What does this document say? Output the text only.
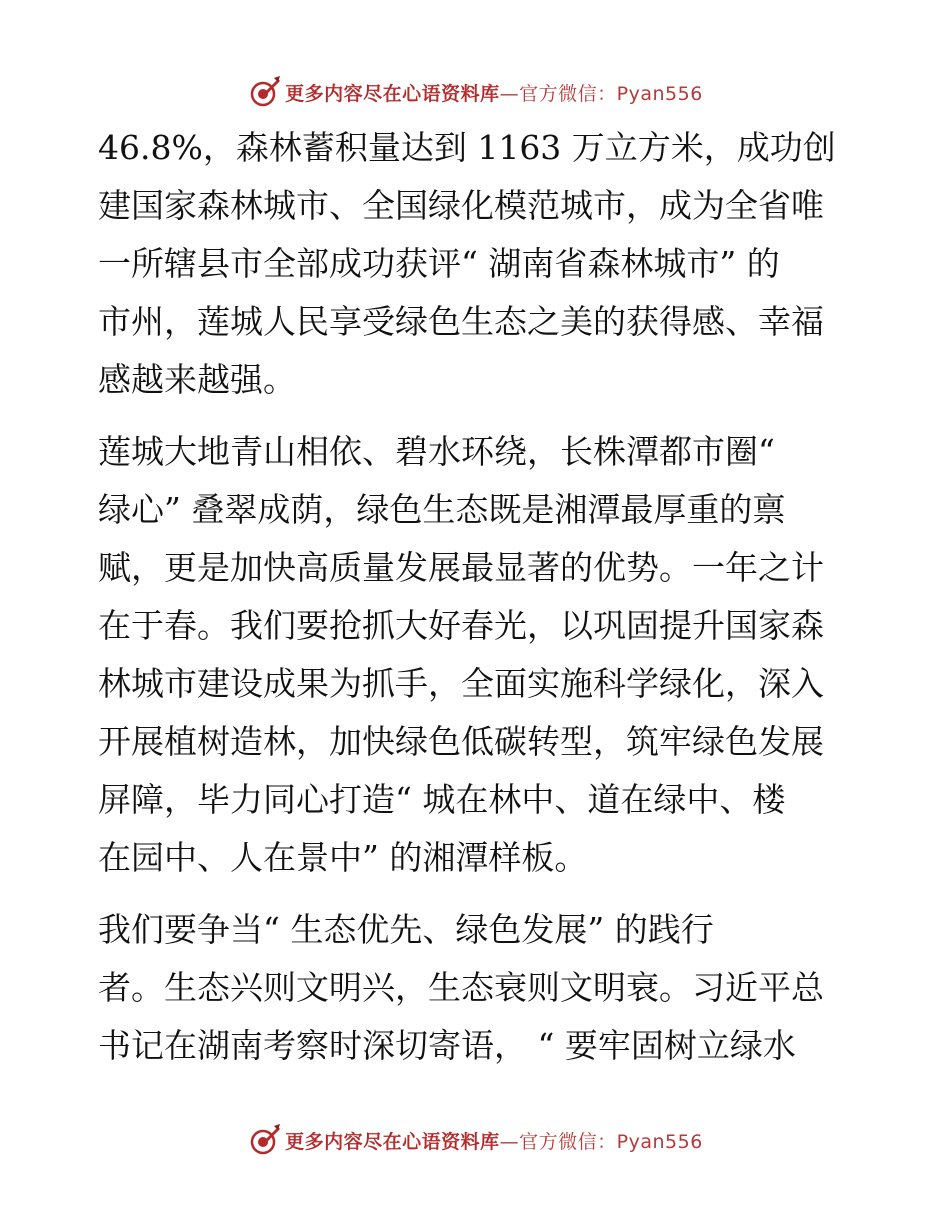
更多内容尽在心语资料库—官方微信：Pyan556
46.8%，森林蓄积量达到 1163 万立方米，成功创
建国家森林城市、全国绿化模范城市，成为全省唯
一所辖县市全部成功获评“ 湖南省森林城市” 的
市州，莲城人民享受绿色生态之美的获得感、幸福
感越来越强。
莲城大地青山相依、碧水环绕，长株潭都市圈“
绿心” 叠翠成荫，绿色生态既是湘潭最厚重的禀
赋，更是加快高质量发展最显著的优势。一年之计
在于春。我们要抢抓大好春光，以巩固提升国家森
林城市建设成果为抓手，全面实施科学绿化，深入
开展植树造林，加快绿色低碳转型，筑牢绿色发展
屏障，毕力同心打造“ 城在林中、道在绿中、楼
在园中、人在景中” 的湘潭样板。
我们要争当“ 生态优先、绿色发展” 的践行
者。生态兴则文明兴，生态衰则文明衰。习近平总
书记在湖南考察时深切寄语， “ 要牢固树立绿水
更多内容尽在心语资料库—官方微信：Pyan556
